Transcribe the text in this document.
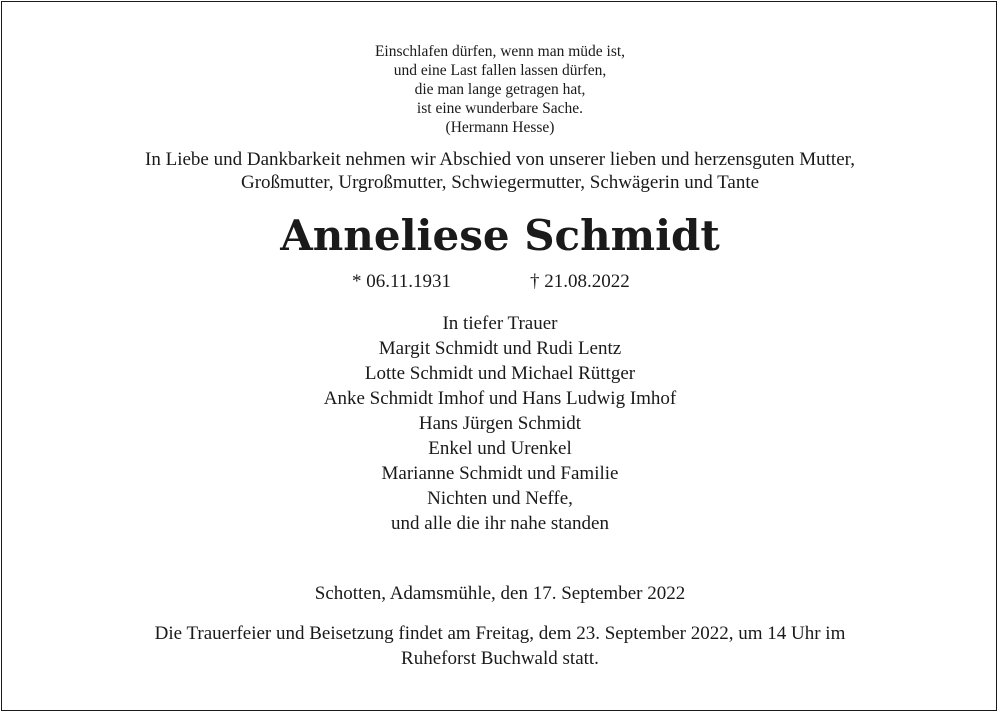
Einschlafen dürfen, wenn man müde ist,
und eine Last fallen lassen dürfen,
die man lange getragen hat,
ist eine wunderbare Sache.
(Hermann Hesse)
In Liebe und Dankbarkeit nehmen wir Abschied von unserer lieben und herzensguten Mutter,
Großmutter, Urgroßmutter, Schwiegermutter, Schwägerin und Tante
Anneliese Schmidt
* 06.11.1931	† 21.08.2022
In tiefer Trauer
Margit Schmidt und Rudi Lentz
Lotte Schmidt und Michael Rüttger
Anke Schmidt Imhof und Hans Ludwig Imhof
Hans Jürgen Schmidt
Enkel und Urenkel
Marianne Schmidt und Familie
Nichten und Neffe,
und alle die ihr nahe standen
Schotten, Adamsmühle, den 17. September 2022
Die Trauerfeier und Beisetzung findet am Freitag, dem 23. September 2022, um 14 Uhr im
Ruheforst Buchwald statt.
